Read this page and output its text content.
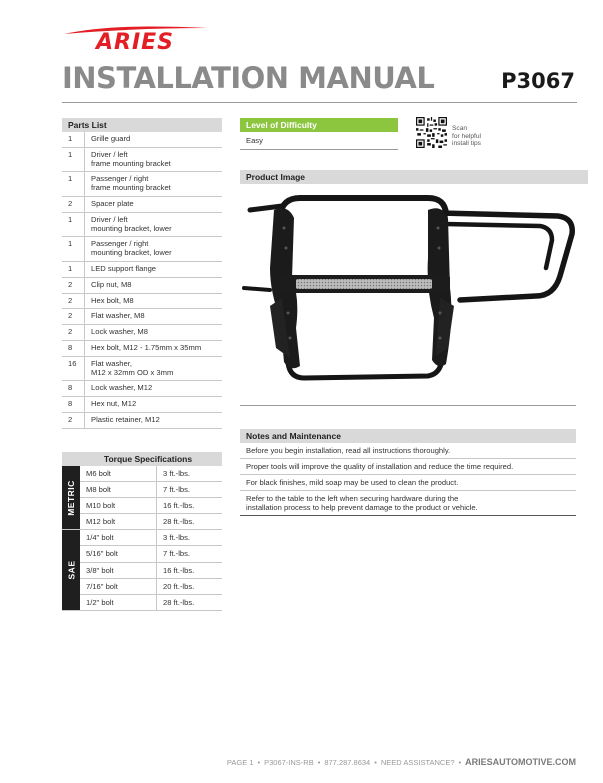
ARIES
INSTALLATION MANUAL	P3067
Parts List
1	Grille guard
1	Driver / left
frame mounting bracket
1	Passenger / right
frame mounting bracket
2	Spacer plate
1	Driver / left
mounting bracket, lower
1	Passenger / right
mounting bracket, lower
1	LED support flange
2	Clip nut, M8
2	Hex bolt, M8
2	Flat washer, M8
2	Lock washer, M8
8	Hex bolt, M12 - 1.75mm x 35mm
16	Flat washer,
M12 x 32mm OD x 3mm
8	Lock washer, M12
8	Hex nut, M12
2	Plastic retainer, M12
Torque Specifications
METRIC
M6 bolt	3 ft.-lbs.
M8 bolt	7 ft.-lbs.
M10 bolt	16 ft.-lbs.
M12 bolt	28 ft.-lbs.
SAE
1/4" bolt	3 ft.-lbs.
5/16" bolt	7 ft.-lbs.
3/8" bolt	16 ft.-lbs.
7/16" bolt	20 ft.-lbs.
1/2" bolt	28 ft.-lbs.
Level of Difficulty
Easy
Scan
for helpful
install tips
Product Image
Notes and Maintenance
Before you begin installation, read all instructions thoroughly.
Proper tools will improve the quality of installation and reduce the time required.
For black finishes, mild soap may be used to clean the product.
Refer to the table to the left when securing hardware during the
installation process to help prevent damage to the product or vehicle.
PAGE 1 • P3067-INS-RB • 877.287.8634 • NEED ASSISTANCE? • ARIESAUTOMOTIVE.COM
